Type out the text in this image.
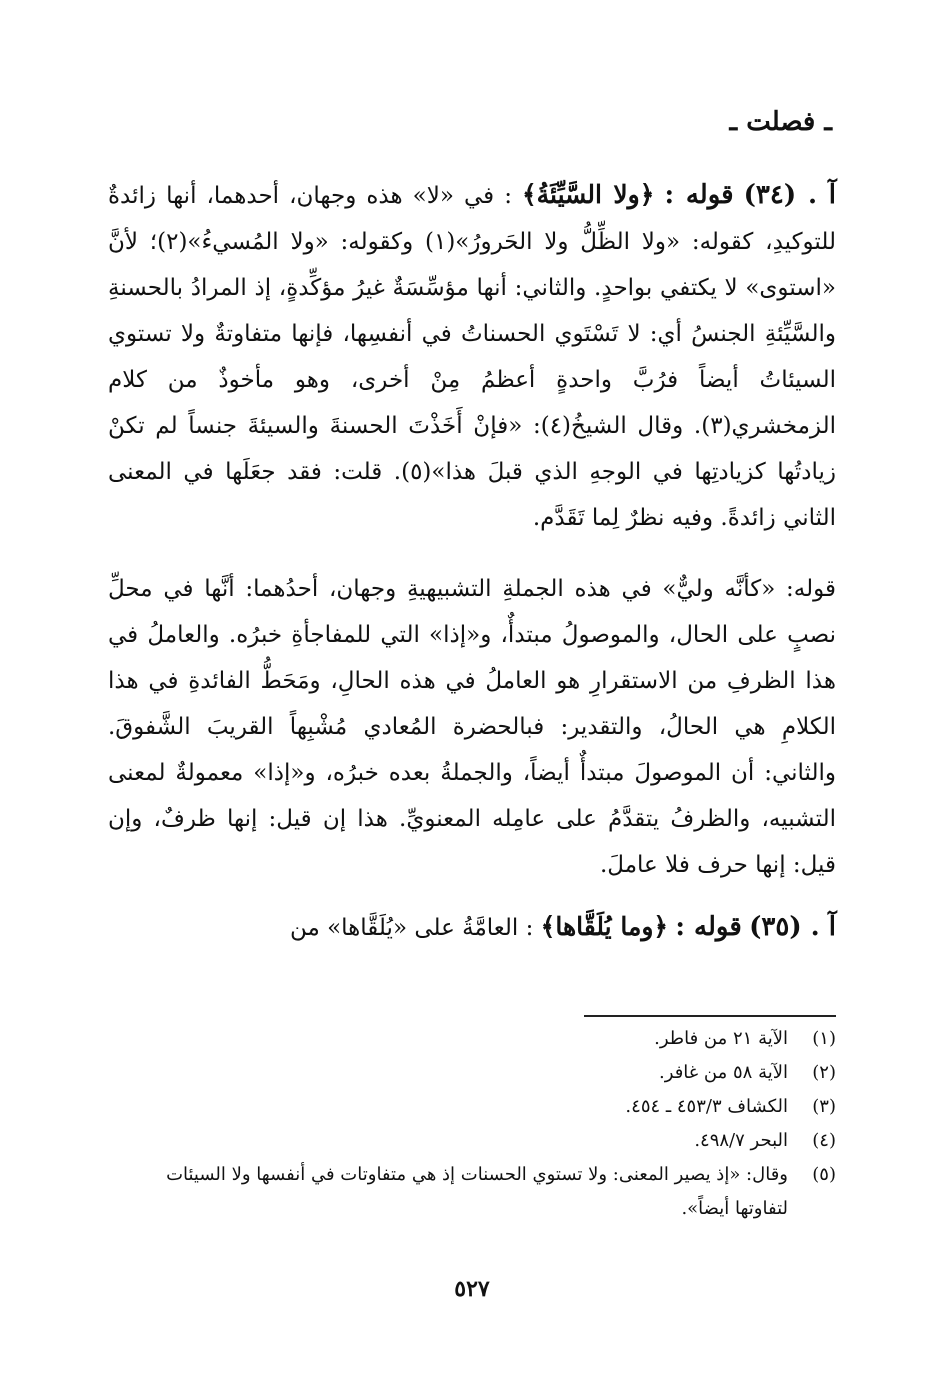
ـ فصلت ـ

آ . (٣٤) قوله : ﴿ولا السَّيِّئَةُ﴾ : في «لا» هذه وجهان، أحدهما، أنها زائدةٌ للتوكيدِ، كقوله: «ولا الظِّلُّ ولا الحَرورُ»(١) وكقوله: «ولا المُسيءُ»(٢)؛ لأنَّ «استوى» لا يكتفي بواحدٍ. والثاني: أنها مؤسِّسَةٌ غيرُ مؤكِّدةٍ، إذ المرادُ بالحسنةِ والسَّيِّئةِ الجنسُ أي: لا تَسْتَوي الحسناتُ في أنفسِها، فإنها متفاوتةٌ ولا تستوي السيئاتُ أيضاً فرُبَّ واحدةٍ أعظمُ مِنْ أخرى، وهو مأخوذٌ من كلام الزمخشري(٣). وقال الشيخُ(٤): «فإنْ أَخَذْتَ الحسنةَ والسيئةَ جنساً لم تكنْ زيادتُها كزيادتِها في الوجهِ الذي قبلَ هذا»(٥). قلت: فقد جعَلَها في المعنى الثاني زائدةً. وفيه نظرٌ لِما تَقَدَّم.

قوله: «كأنَّه وليٌّ» في هذه الجملةِ التشبيهيةِ وجهان، أحدُهما: أنَّها في محلِّ نصبٍ على الحال، والموصولُ مبتدأٌ، و«إذا» التي للمفاجأةِ خبرُه. والعاملُ في هذا الظرفِ من الاستقرارِ هو العاملُ في هذه الحالِ، ومَحَطُّ الفائدةِ في هذا الكلامِ هي الحالُ، والتقدير: فبالحضرة المُعادي مُشْبِهاً القريبَ الشَّفوقَ. والثاني: أن الموصولَ مبتدأٌ أيضاً، والجملةُ بعده خبرُه، و«إذا» معمولةٌ لمعنى التشبيه، والظرفُ يتقدَّمُ على عامِله المعنويِّ. هذا إن قيل: إنها ظرفٌ، وإن قيل: إنها حرف فلا عاملَ.

آ . (٣٥) قوله : ﴿وما يُلَقَّاها﴾ : العامَّةُ على «يُلَقَّاها» من

(١)
الآية ٢١ من فاطر.
(٢)
الآية ٥٨ من غافر.
(٣)
الكشاف ٤٥٣/٣ ـ ٤٥٤.
(٤)
البحر ٤٩٨/٧.
(٥)
وقال: «إذ يصير المعنى: ولا تستوي الحسنات إذ هي متفاوتات في أنفسها ولا السيئات لتفاوتها أيضاً».
٥٢٧
